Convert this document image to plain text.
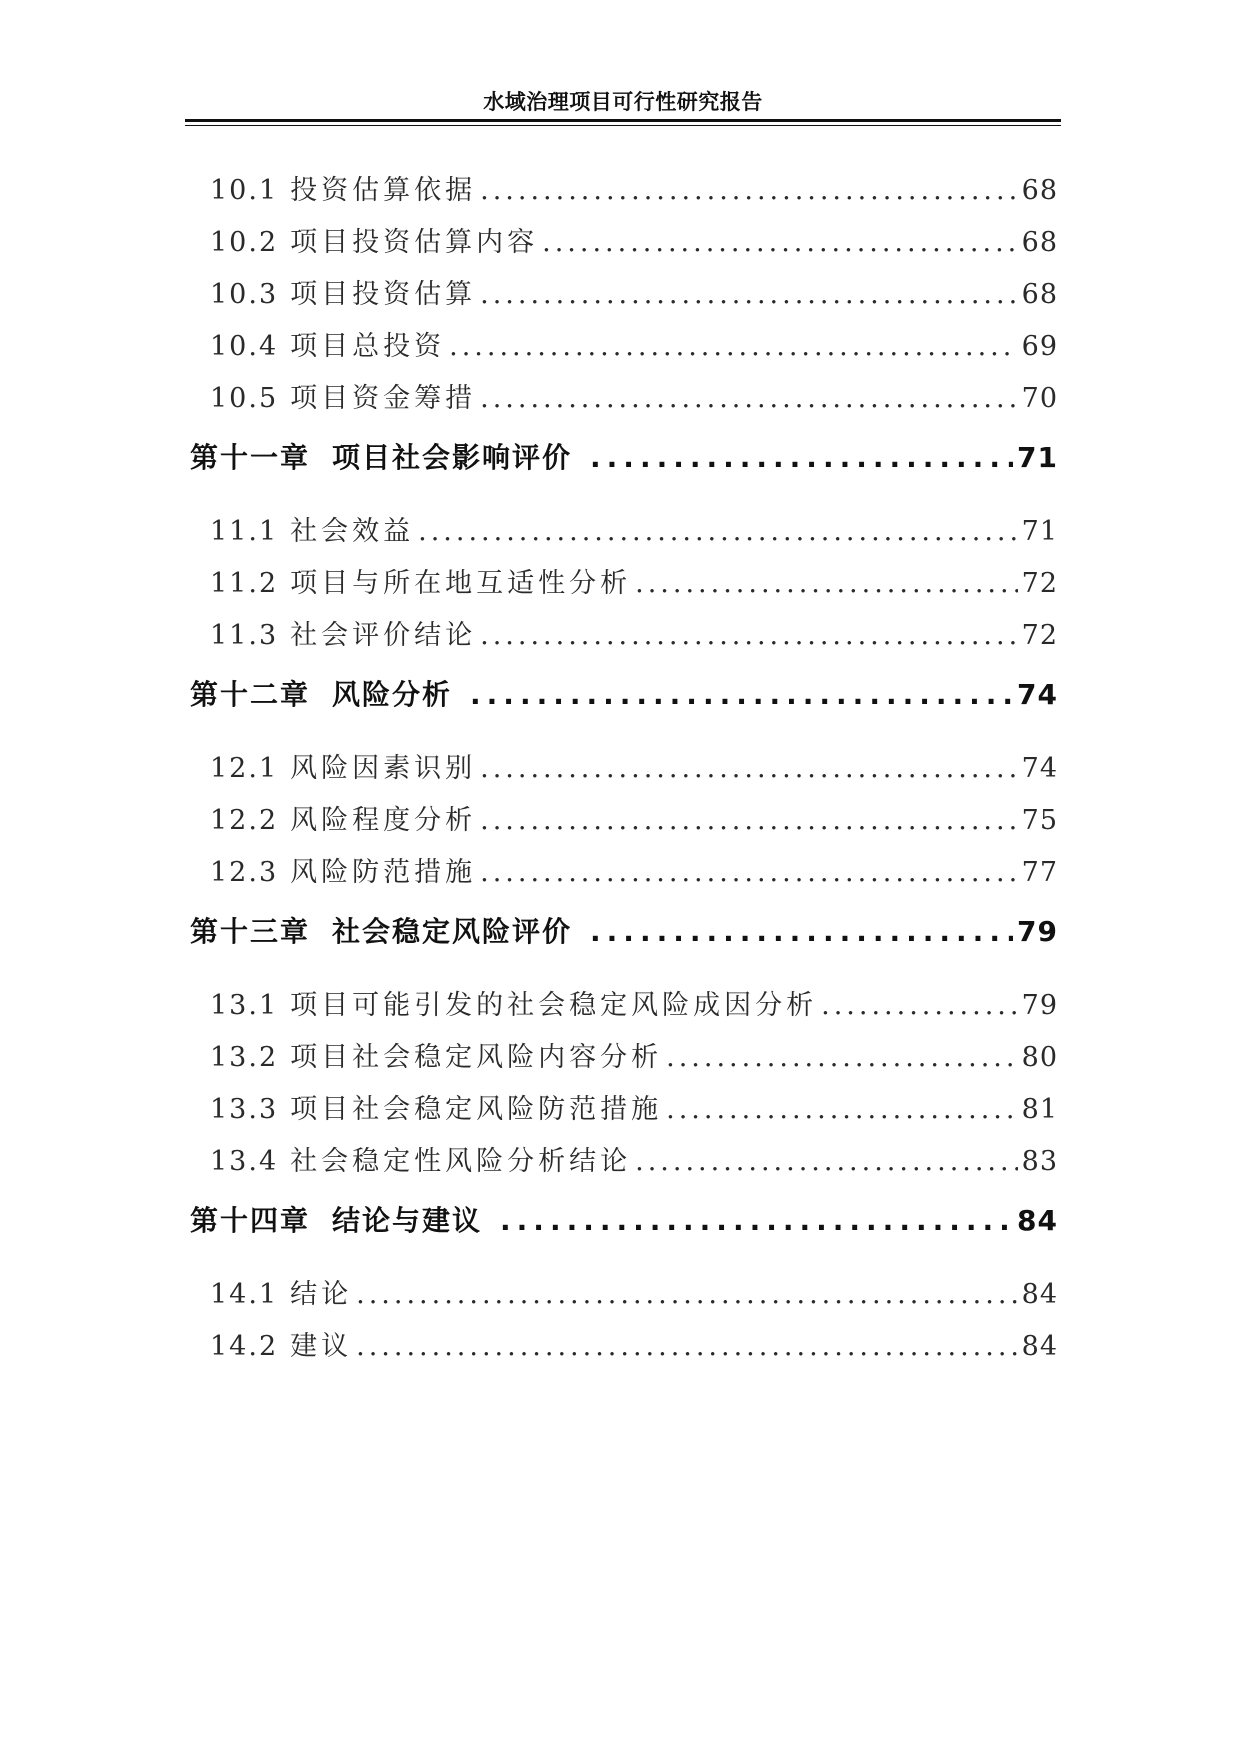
水域治理项目可行性研究报告
10.1 投资估算依据 .....	68
10.2 项目投资估算内容 .....	68
10.3 项目投资估算 .....	68
10.4 项目总投资 .....	69
10.5 项目资金筹措 .....	70
第十一章 项目社会影响评价 .....	71
11.1 社会效益 .....	71
11.2 项目与所在地互适性分析 .....	72
11.3 社会评价结论 .....	72
第十二章 风险分析 .....	74
12.1 风险因素识别 .....	74
12.2 风险程度分析 .....	75
12.3 风险防范措施 .....	77
第十三章 社会稳定风险评价 .....	79
13.1 项目可能引发的社会稳定风险成因分析 .....	79
13.2 项目社会稳定风险内容分析 .....	80
13.3 项目社会稳定风险防范措施 .....	81
13.4 社会稳定性风险分析结论 .....	83
第十四章 结论与建议 .....	84
14.1 结论 .....	84
14.2 建议 .....	84
